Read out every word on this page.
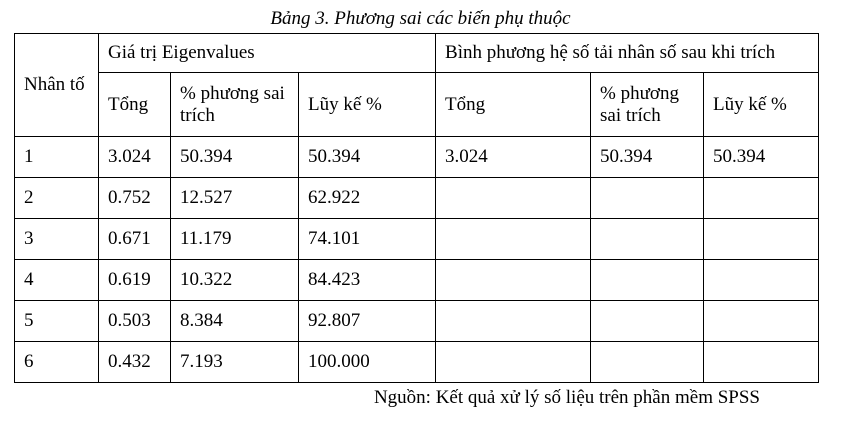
Bảng 3. Phương sai các biến phụ thuộc
Nhân tố	Giá trị Eigenvalues			Bình phương hệ số tải nhân số sau khi trích		
	Tổng	% phương sai trích	Lũy kế %	Tổng	% phương sai trích	Lũy kế %
1	3.024	50.394	50.394	3.024	50.394	50.394
2	0.752	12.527	62.922			
3	0.671	11.179	74.101			
4	0.619	10.322	84.423			
5	0.503	8.384	92.807			
6	0.432	7.193	100.000			
Nguồn: Kết quả xử lý số liệu trên phần mềm SPSS
